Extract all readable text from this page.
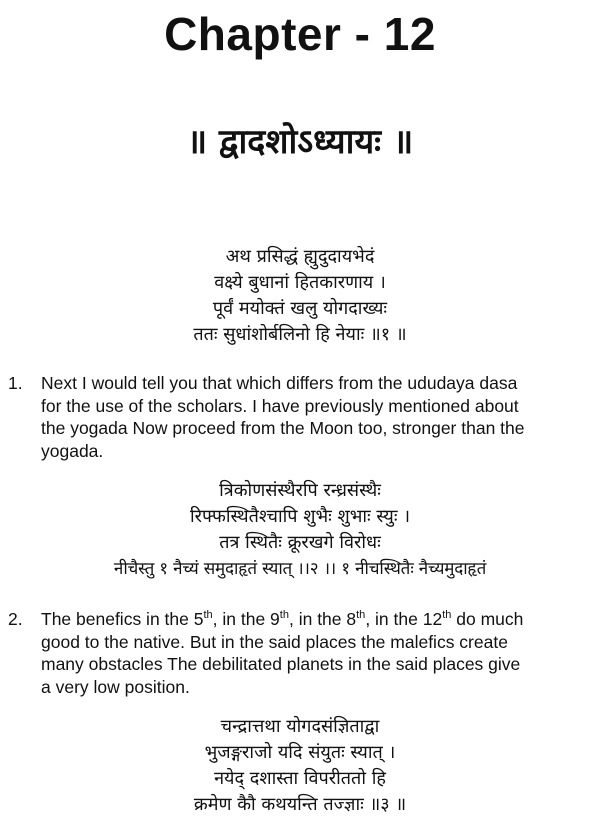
Chapter - 12
॥ द्वादशोऽध्यायः ॥
अथ प्रसिद्धं ह्युदुदायभेदं
वक्ष्ये बुधानां हितकारणाय ।
पूर्वं मयोक्तं खलु योगदाख्यः
ततः सुधांशोर्बलिनो हि नेयाः ॥१ ॥
1.	Next I would tell you that which differs from the ududaya dasa
for the use of the scholars. I have previously mentioned about
the yogada Now proceed from the Moon too, stronger than the
yogada.
त्रिकोणसंस्थैरपि रन्ध्रसंस्थैः
रिफ्फस्थितैश्चापि शुभैः शुभाः स्युः ।
तत्र स्थितैः क्रूरखगे विरोधः
नीचैस्तु १ नैच्यं समुदाहृतं स्यात् ।।२ ।। १ नीचस्थितैः नैच्यमुदाहृतं
2.	The benefics in the 5th, in the 9th, in the 8th, in the 12th do much
good to the native. But in the said places the malefics create
many obstacles The debilitated planets in the said places give
a very low position.
चन्द्रात्तथा योगदसंज्ञिताद्वा
भुजङ्गराजो यदि संयुतः स्यात् ।
नयेद् दशास्ता विपरीततो हि
क्रमेण कैौ कथयन्ति तज्ज्ञाः ॥३ ॥
